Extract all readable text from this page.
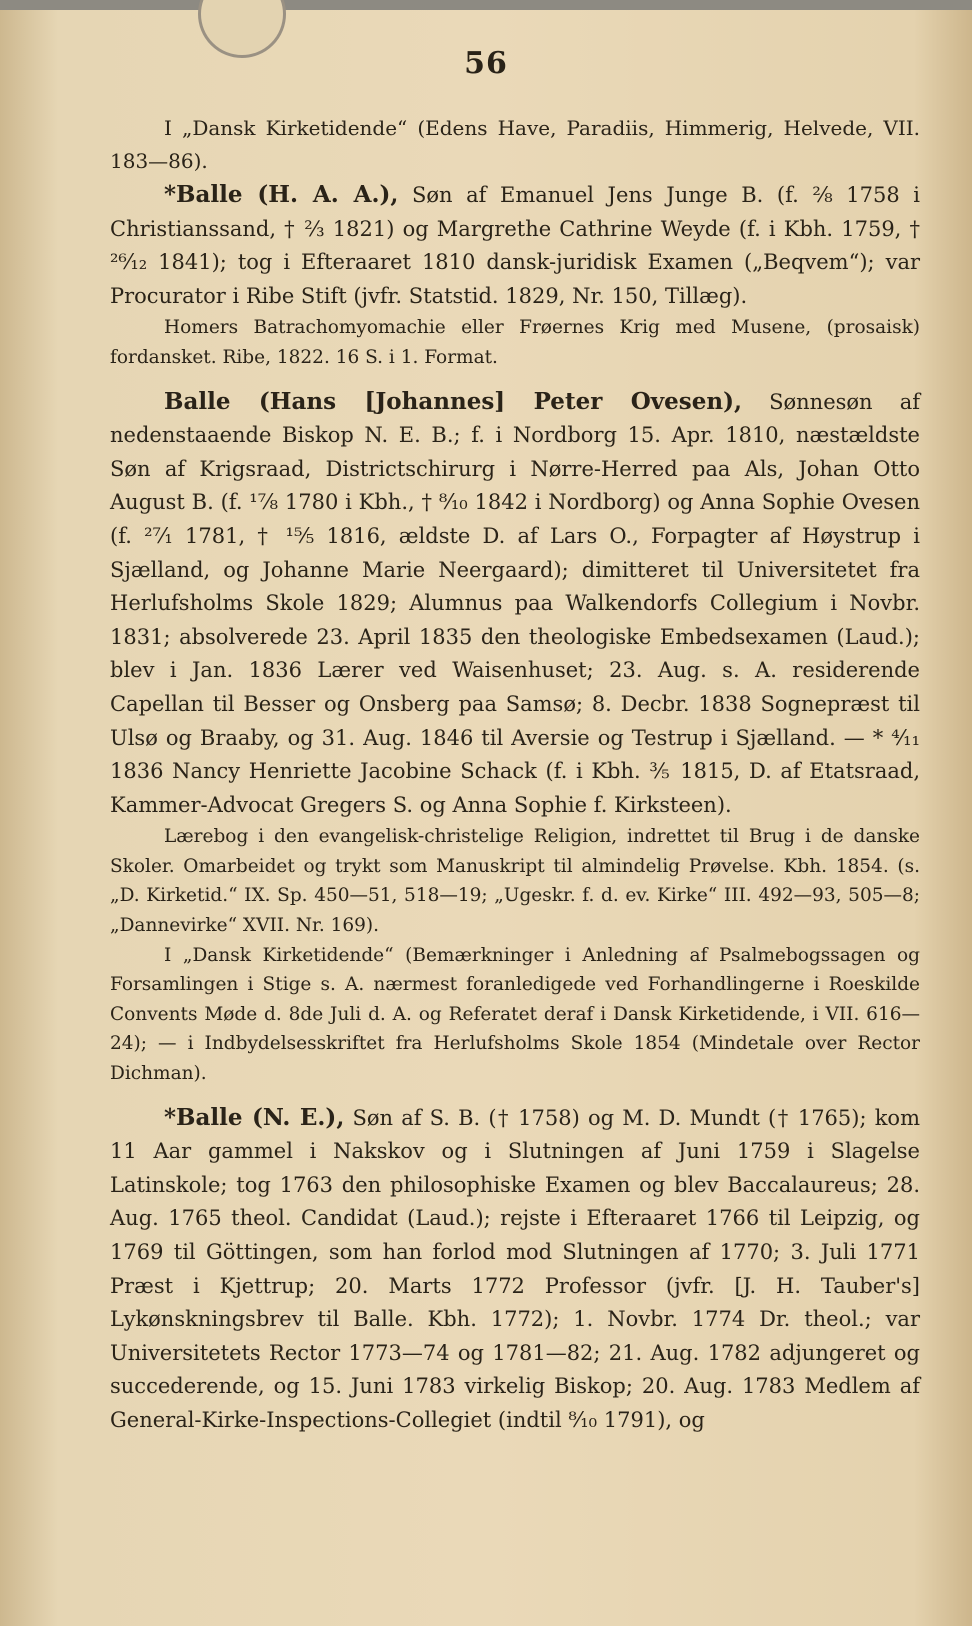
56

I „Dansk Kirketidende“ (Edens Have, Paradiis, Himmerig, Helvede, VII. 183—86).

*Balle (H. A. A.), Søn af Emanuel Jens Junge B. (f. ²⁄₈ 1758 i Christianssand, † ⅔ 1821) og Margrethe Cathrine Weyde (f. i Kbh. 1759, † ²⁶⁄₁₂ 1841); tog i Efteraaret 1810 dansk-juridisk Examen („Beqvem“); var Procurator i Ribe Stift (jvfr. Statstid. 1829, Nr. 150, Tillæg).

Homers Batrachomyomachie eller Frøernes Krig med Musene, (prosaisk) fordansket. Ribe, 1822. 16 S. i 1. Format.

Balle (Hans [Johannes] Peter Ovesen), Sønnesøn af nedenstaaende Biskop N. E. B.; f. i Nordborg 15. Apr. 1810, næstældste Søn af Krigsraad, Districtschirurg i Nørre-Herred paa Als, Johan Otto August B. (f. ¹⁷⁄₈ 1780 i Kbh., † ⁸⁄₁₀ 1842 i Nordborg) og Anna Sophie Ovesen (f. ²⁷⁄₁ 1781, † ¹⁵⁄₅ 1816, ældste D. af Lars O., Forpagter af Høystrup i Sjælland, og Johanne Marie Neergaard); dimitteret til Universitetet fra Herlufsholms Skole 1829; Alumnus paa Walkendorfs Collegium i Novbr. 1831; absolverede 23. April 1835 den theologiske Embedsexamen (Laud.); blev i Jan. 1836 Lærer ved Waisenhuset; 23. Aug. s. A. residerende Capellan til Besser og Onsberg paa Samsø; 8. Decbr. 1838 Sognepræst til Ulsø og Braaby, og 31. Aug. 1846 til Aversie og Testrup i Sjælland. — * ⁴⁄₁₁ 1836 Nancy Henriette Jacobine Schack (f. i Kbh. ⅗ 1815, D. af Etatsraad, Kammer-Advocat Gregers S. og Anna Sophie f. Kirksteen).

Lærebog i den evangelisk-christelige Religion, indrettet til Brug i de danske Skoler. Omarbeidet og trykt som Manuskript til almindelig Prøvelse. Kbh. 1854. (s. „D. Kirketid.“ IX. Sp. 450—51, 518—19; „Ugeskr. f. d. ev. Kirke“ III. 492—93, 505—8; „Dannevirke“ XVII. Nr. 169).

I „Dansk Kirketidende“ (Bemærkninger i Anledning af Psalmebogssagen og Forsamlingen i Stige s. A. nærmest foranledigede ved Forhandlingerne i Roeskilde Convents Møde d. 8de Juli d. A. og Referatet deraf i Dansk Kirketidende, i VII. 616—24); — i Indbydelsesskriftet fra Herlufsholms Skole 1854 (Mindetale over Rector Dichman).

*Balle (N. E.), Søn af S. B. († 1758) og M. D. Mundt († 1765); kom 11 Aar gammel i Nakskov og i Slutningen af Juni 1759 i Slagelse Latinskole; tog 1763 den philosophiske Examen og blev Baccalaureus; 28. Aug. 1765 theol. Candidat (Laud.); rejste i Efteraaret 1766 til Leipzig, og 1769 til Göttingen, som han forlod mod Slutningen af 1770; 3. Juli 1771 Præst i Kjettrup; 20. Marts 1772 Professor (jvfr. [J. H. Tauber's] Lykønskningsbrev til Balle. Kbh. 1772); 1. Novbr. 1774 Dr. theol.; var Universitetets Rector 1773—74 og 1781—82; 21. Aug. 1782 adjungeret og succederende, og 15. Juni 1783 virkelig Biskop; 20. Aug. 1783 Medlem af General-Kirke-Inspections-Collegiet (indtil ⁸⁄₁₀ 1791), og
